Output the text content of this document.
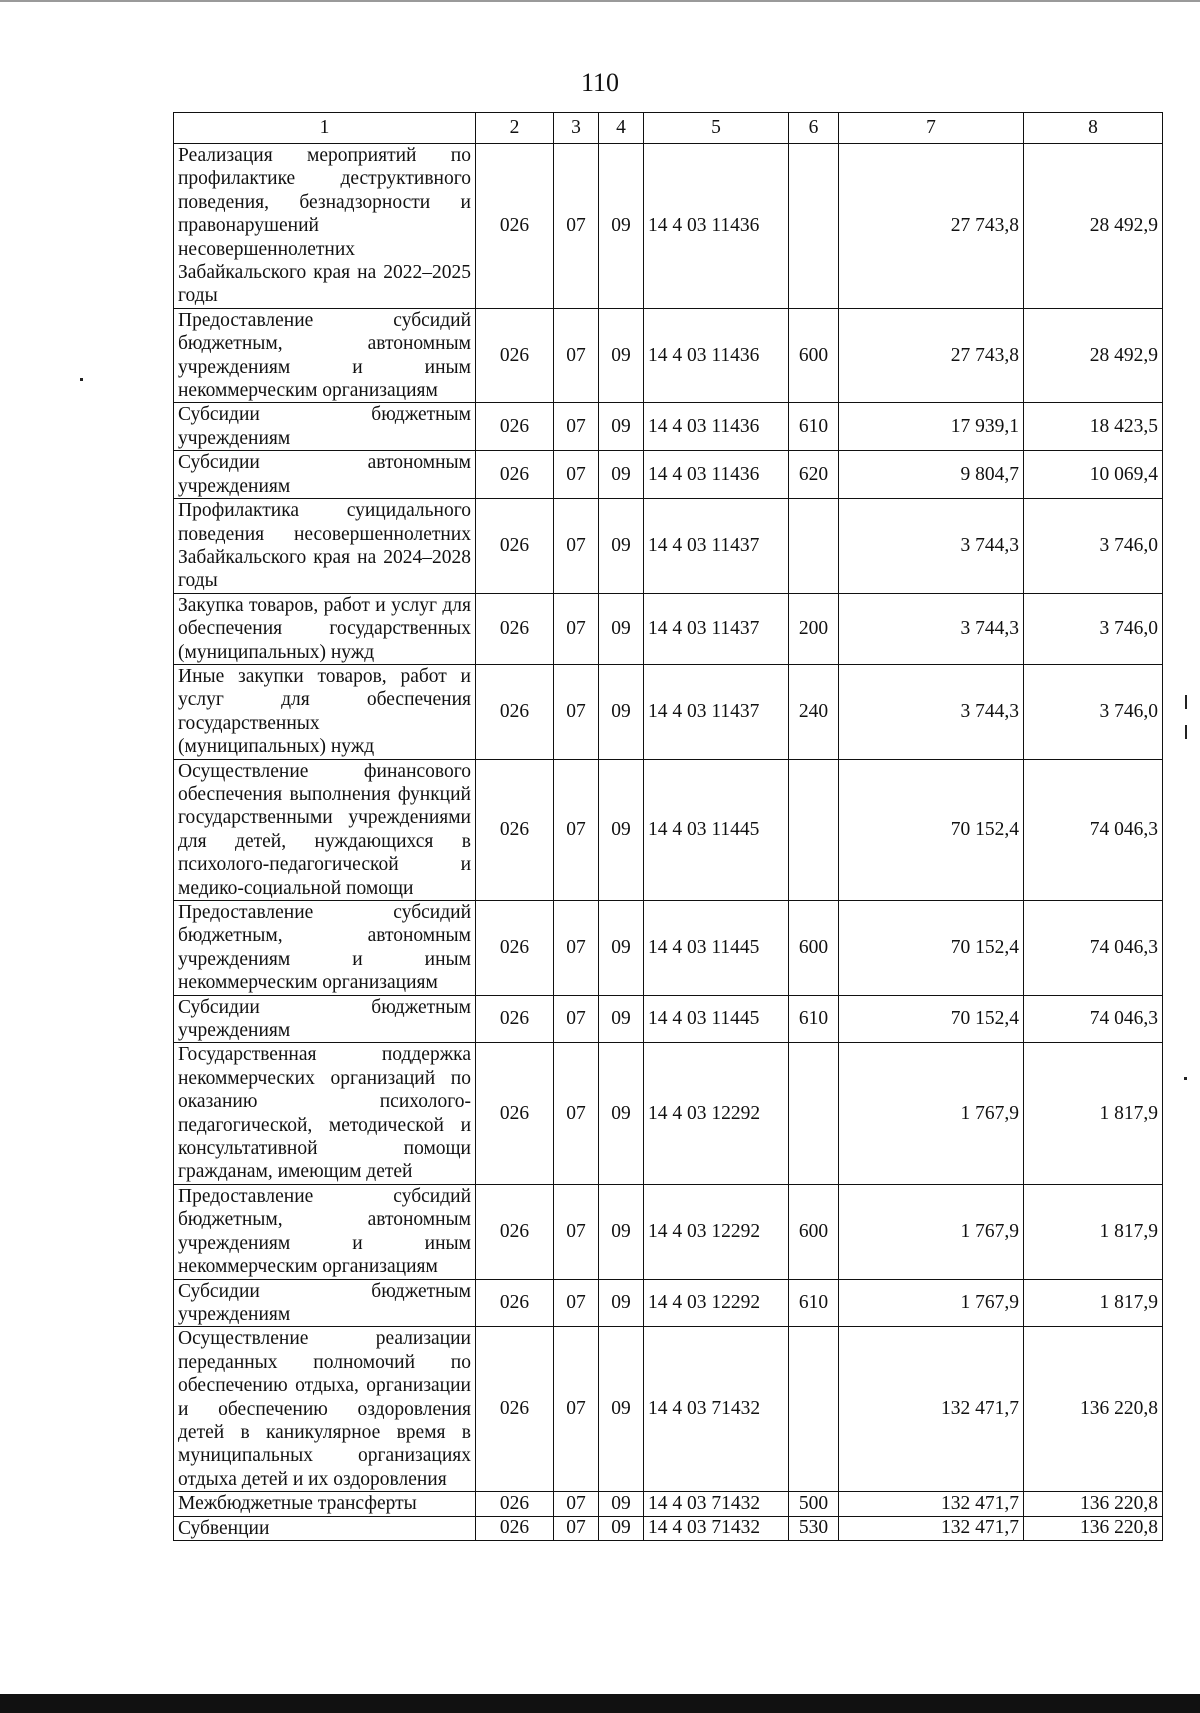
110
1	2	3	4	5	6	7	8
Реализация мероприятий по профилактике деструктивного поведения, безнадзорности и правонарушений несовершеннолетних Забайкальского края на 2022–2025 годы	026	07	09	14 4 03 11436		27 743,8	28 492,9
Предоставление субсидий бюджетным, автономным учреждениям и иным некоммерческим организациям	026	07	09	14 4 03 11436	600	27 743,8	28 492,9
Субсидии бюджетным учреждениям	026	07	09	14 4 03 11436	610	17 939,1	18 423,5
Субсидии автономным учреждениям	026	07	09	14 4 03 11436	620	9 804,7	10 069,4
Профилактика суицидального поведения несовершеннолетних Забайкальского края на 2024–2028 годы	026	07	09	14 4 03 11437		3 744,3	3 746,0
Закупка товаров, работ и услуг для обеспечения государственных (муниципальных) нужд	026	07	09	14 4 03 11437	200	3 744,3	3 746,0
Иные закупки товаров, работ и услуг для обеспечения государственных (муниципальных) нужд	026	07	09	14 4 03 11437	240	3 744,3	3 746,0
Осуществление финансового обеспечения выполнения функций государственными учреждениями для детей, нуждающихся в психолого-педагогической и медико-социальной помощи	026	07	09	14 4 03 11445		70 152,4	74 046,3
Предоставление субсидий бюджетным, автономным учреждениям и иным некоммерческим организациям	026	07	09	14 4 03 11445	600	70 152,4	74 046,3
Субсидии бюджетным учреждениям	026	07	09	14 4 03 11445	610	70 152,4	74 046,3
Государственная поддержка некоммерческих организаций по оказанию психолого-педагогической, методической и консультативной помощи гражданам, имеющим детей	026	07	09	14 4 03 12292		1 767,9	1 817,9
Предоставление субсидий бюджетным, автономным учреждениям и иным некоммерческим организациям	026	07	09	14 4 03 12292	600	1 767,9	1 817,9
Субсидии бюджетным учреждениям	026	07	09	14 4 03 12292	610	1 767,9	1 817,9
Осуществление реализации переданных полномочий по обеспечению отдыха, организации и обеспечению оздоровления детей в каникулярное время в муниципальных организациях отдыха детей и их оздоровления	026	07	09	14 4 03 71432		132 471,7	136 220,8
Межбюджетные трансферты	026	07	09	14 4 03 71432	500	132 471,7	136 220,8
Субвенции	026	07	09	14 4 03 71432	530	132 471,7	136 220,8
